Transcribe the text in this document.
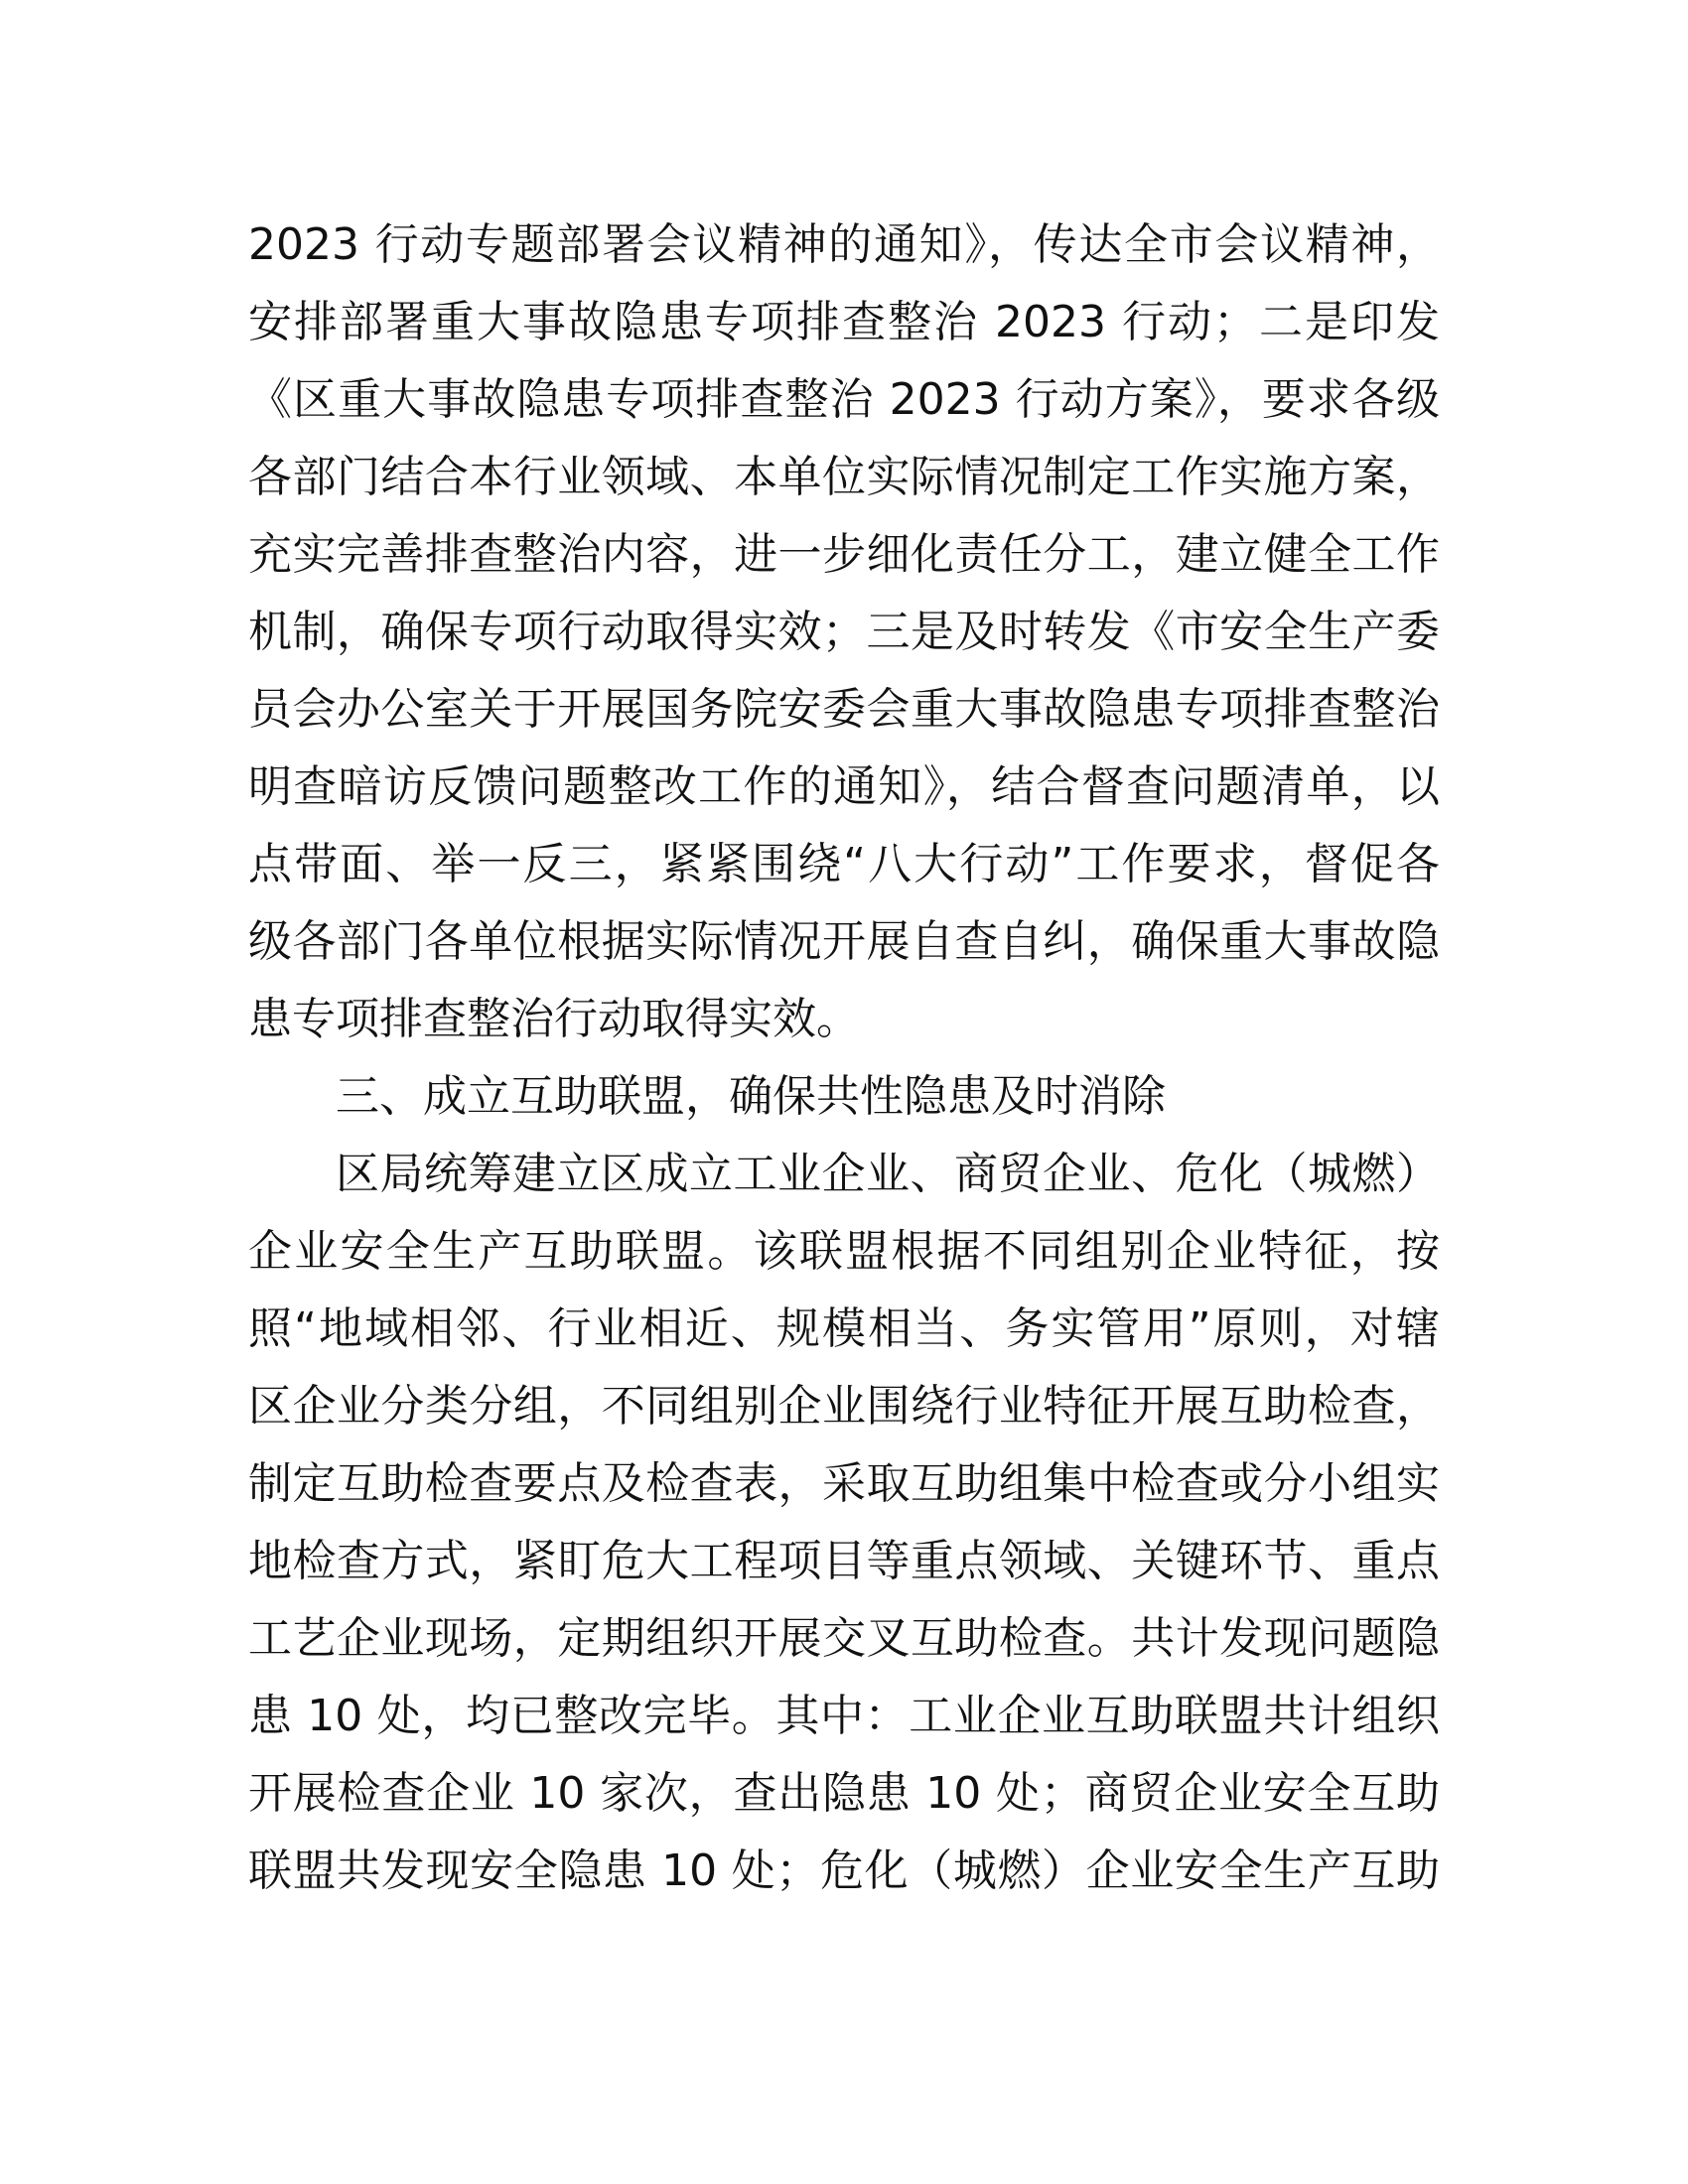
2023 行动专题部署会议精神的通知》，传达全市会议精神，
安排部署重大事故隐患专项排查整治 2023 行动；二是印发
《区重大事故隐患专项排查整治 2023 行动方案》，要求各级
各部门结合本行业领域、本单位实际情况制定工作实施方案，
充实完善排查整治内容，进一步细化责任分工，建立健全工作
机制，确保专项行动取得实效；三是及时转发《市安全生产委
员会办公室关于开展国务院安委会重大事故隐患专项排查整治
明查暗访反馈问题整改工作的通知》，结合督查问题清单，以
点带面、举一反三，紧紧围绕“八大行动”工作要求，督促各
级各部门各单位根据实际情况开展自查自纠，确保重大事故隐
患专项排查整治行动取得实效。
三、成立互助联盟，确保共性隐患及时消除
区局统筹建立区成立工业企业、商贸企业、危化（城燃）
企业安全生产互助联盟。该联盟根据不同组别企业特征，按
照“地域相邻、行业相近、规模相当、务实管用”原则，对辖
区企业分类分组，不同组别企业围绕行业特征开展互助检查，
制定互助检查要点及检查表，采取互助组集中检查或分小组实
地检查方式，紧盯危大工程项目等重点领域、关键环节、重点
工艺企业现场，定期组织开展交叉互助检查。共计发现问题隐
患 10 处，均已整改完毕。其中：工业企业互助联盟共计组织
开展检查企业 10 家次，查出隐患 10 处；商贸企业安全互助
联盟共发现安全隐患 10 处；危化（城燃）企业安全生产互助
